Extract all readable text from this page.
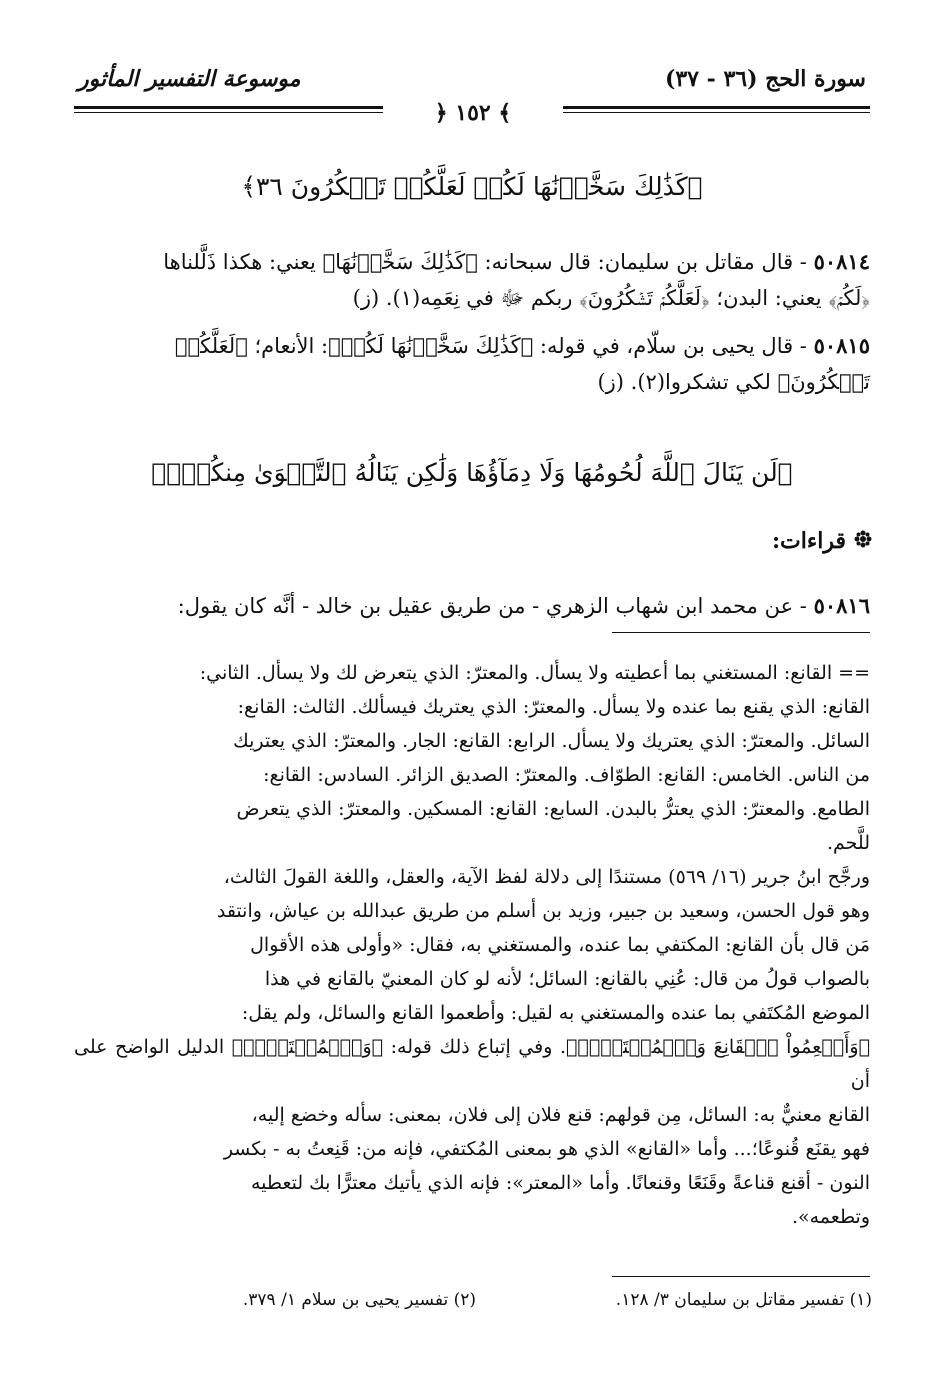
سورة الحج (٣٦ - ٣٧)
موسوعة التفسير المأثور
﴾ ١٥٢ ﴿
﴿كَذَٰلِكَ سَخَّرۡنَٰهَا لَكُمۡ لَعَلَّكُمۡ تَشۡكُرُونَ ٣٦﴾
٥٠٨١٤ - قال مقاتل بن سليمان: قال سبحانه: ﴿كَذَٰلِكَ سَخَّرۡنَٰهَا﴾ يعني: هكذا ذَلَّلناها
﴿لَكُمۡ﴾ يعني: البدن؛ ﴿لَعَلَّكُمۡ تَشۡكُرُونَ﴾ ربكم ﷻ في نِعَمِه(١). (ز)
٥٠٨١٥ - قال يحيى بن سلّام، في قوله: ﴿كَذَٰلِكَ سَخَّرۡنَٰهَا لَكُمۡ﴾: الأنعام؛ ﴿لَعَلَّكُمۡ
تَشۡكُرُونَ﴾ لكي تشكروا(٢). (ز)
﴿لَن يَنَالَ ٱللَّهَ لُحُومُهَا وَلَا دِمَآؤُهَا وَلَٰكِن يَنَالُهُ ٱلتَّقۡوَىٰ مِنكُمۡۚ﴾
قراءات:
٥٠٨١٦ - عن محمد ابن شهاب الزهري - من طريق عقيل بن خالد - أنَّه كان يقول:
== القانع: المستغني بما أعطيته ولا يسأل. والمعترّ: الذي يتعرض لك ولا يسأل. الثاني:
القانع: الذي يقنع بما عنده ولا يسأل. والمعترّ: الذي يعتريك فيسألك. الثالث: القانع:
السائل. والمعترّ: الذي يعتريك ولا يسأل. الرابع: القانع: الجار. والمعترّ: الذي يعتريك
من الناس. الخامس: القانع: الطوّاف. والمعترّ: الصديق الزائر. السادس: القانع:
الطامع. والمعترّ: الذي يعترُّ بالبدن. السابع: القانع: المسكين. والمعترّ: الذي يتعرض
للَّحم.
ورجَّح ابنُ جرير (١٦/ ٥٦٩) مستندًا إلى دلالة لفظ الآية، والعقل، واللغة القولَ الثالث،
وهو قول الحسن، وسعيد بن جبير، وزيد بن أسلم من طريق عبدالله بن عياش، وانتقد
مَن قال بأن القانع: المكتفي بما عنده، والمستغني به، فقال: «وأولى هذه الأقوال
بالصواب قولُ من قال: عُنِي بالقانع: السائل؛ لأنه لو كان المعنيّ بالقانع في هذا
الموضع المُكتَفي بما عنده والمستغني به لقيل: وأطعموا القانع والسائل، ولم يقل:
﴿وَأَطۡعِمُواْ ٱلۡقَانِعَ وَٱلۡمُعۡتَرَّۚ﴾. وفي إتباع ذلك قوله: ﴿وَٱلۡمُعۡتَرَّۚ﴾ الدليل الواضح على أن
القانع معنيٌّ به: السائل، مِن قولهم: قنع فلان إلى فلان، بمعنى: سأله وخضع إليه،
فهو يقنَع قُنوعًا؛... وأما «القانع» الذي هو بمعنى المُكتفي، فإنه من: قَنِعتُ به - بكسر
النون - أقنع قناعةً وقَنَعًا وقنعانًا. وأما «المعتر»: فإنه الذي يأتيك معترًّا بك لتعطيه
وتطعمه».
(١) تفسير مقاتل بن سليمان ٣/ ١٢٨.
(٢) تفسير يحيى بن سلام ١/ ٣٧٩.
